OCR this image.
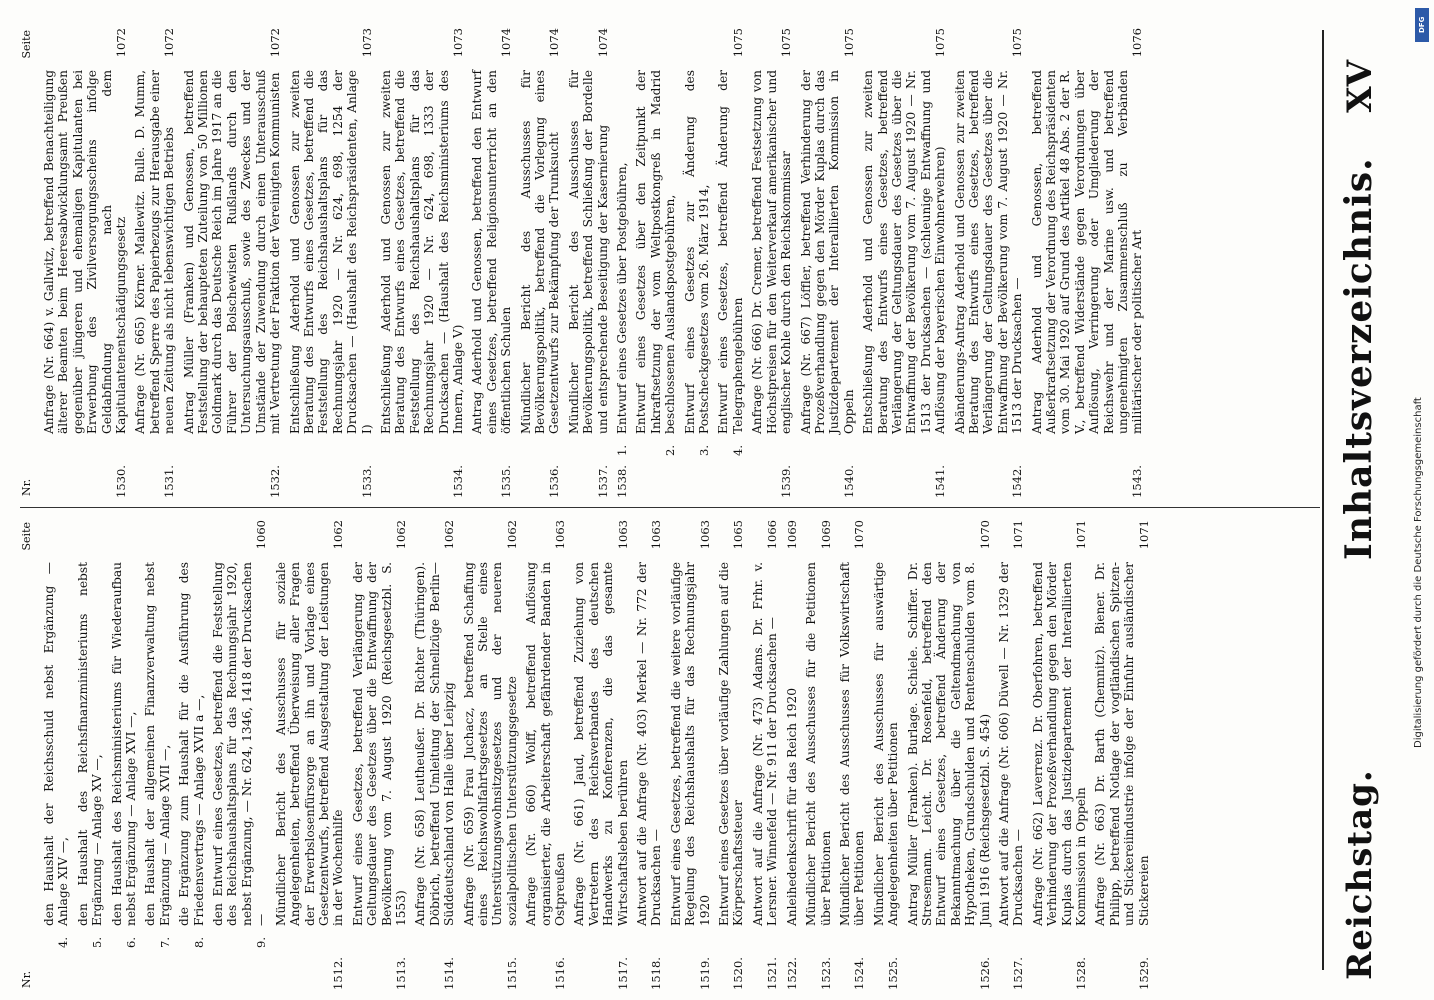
Reichstag.
Inhaltsverzeichnis.
XV
Nr.
Seite
4.
den Haushalt der Reichsschuld nebst Ergänzung — Anlage XIV —,
5.
den Haushalt des Reichsfinanzministeriums nebst Ergänzung — Anlage XV —,
6.
den Haushalt des Reichsministeriums für Wiederaufbau nebst Ergänzung — Anlage XVI —,
7.
den Haushalt der allgemeinen Finanzverwaltung nebst Ergänzung — Anlage XVII —,
8.
die Ergänzung zum Haushalt für die Ausführung des Friedensvertrags — Anlage XVII a —,
9.
den Entwurf eines Gesetzes, betreffend die Feststellung des Reichshaushaltsplans für das Rechnungsjahr 1920, nebst Ergänzung, — Nr. 624, 1346, 1418 der Drucksachen —
1060
1512.
Mündlicher Bericht des Ausschusses für soziale Angelegenheiten, betreffend Überweisung aller Fragen der Erwerbslosenfürsorge an ihn und Vorlage eines Gesetzentwurfs, betreffend Ausgestaltung der Leistungen in der Wochenhilfe
1062
1513.
Entwurf eines Gesetzes, betreffend Verlängerung der Geltungsdauer des Gesetzes über die Entwaffnung der Bevölkerung vom 7. August 1920 (Reichsgesetzbl. S. 1553)
1062
1514.
Anfrage (Nr. 658) Leutheußer. Dr. Richter (Thüringen). Döbrich, betreffend Umleitung der Schnellzüge Berlin—Süddeutschland von Halle über Leipzig
1062
1515.
Anfrage (Nr. 659) Frau Juchacz, betreffend Schaffung eines Reichswohlfahrtsgesetzes an Stelle eines Unterstützungswohnsitzgesetzes und der neueren sozialpolitischen Unterstützungsgesetze
1062
1516.
Anfrage (Nr. 660) Wolff, betreffend Auflösung organisierter, die Arbeiterschaft gefährdender Banden in Ostpreußen
1063
1517.
Anfrage (Nr. 661) Jaud, betreffend Zuziehung von Vertretern des Reichsverbandes des deutschen Handwerks zu Konferenzen, die das gesamte Wirtschaftsleben berühren
1063
1518.
Antwort auf die Anfrage (Nr. 403) Merkel — Nr. 772 der Drucksachen —
1063
1519.
Entwurf eines Gesetzes, betreffend die weitere vorläufige Regelung des Reichshaushalts für das Rechnungsjahr 1920
1063
1520.
Entwurf eines Gesetzes über vorläufige Zahlungen auf die Körperschaftssteuer
1065
1521.
Antwort auf die Anfrage (Nr. 473) Adams. Dr. Frhr. v. Lersner. Winnefeld — Nr. 911 der Drucksachen —
1066
1522.
Anleihedenkschrift für das Reich 1920
1069
1523.
Mündlicher Bericht des Ausschusses für die Petitionen über Petitionen
1069
1524.
Mündlicher Bericht des Ausschusses für Volkswirtschaft über Petitionen
1070
1525.
Mündlicher Bericht des Ausschusses für auswärtige Angelegenheiten über Petitionen
1526.
Antrag Müller (Franken). Burlage. Schiele. Schiffer. Dr. Stresemann. Leicht. Dr. Rosenfeld, betreffend den Entwurf eines Gesetzes, betreffend Änderung der Bekanntmachung über die Geltendmachung von Hypotheken, Grundschulden und Rentenschulden vom 8. Juni 1916 (Reichsgesetzbl. S. 454)
1070
1527.
Antwort auf die Anfrage (Nr. 606) Düwell — Nr. 1329 der Drucksachen —
1071
1528.
Anfrage (Nr. 662) Laverrenz. Dr. Oberfohren, betreffend Verhinderung der Prozeßverhandlung gegen den Mörder Kuplas durch das Justizdepartement der Interalliierten Kommission in Oppeln
1071
1529.
Anfrage (Nr. 663) Dr. Barth (Chemnitz). Biener. Dr. Philipp, betreffend Notlage der vogtländischen Spitzen- und Stickereiindustrie infolge der Einfuhr ausländischer Stickereien
1071
Nr.
Seite
1530.
Anfrage (Nr. 664) v. Gallwitz, betreffend Benachteiligung älterer Beamten beim Heeresabwicklungsamt Preußen gegenüber jüngeren und ehemaligen Kapitulanten bei Erwerbung des Zivilversorgungsscheins infolge Geldabfindung nach dem Kapitulantenentschädigungsgesetz
1072
1531.
Anfrage (Nr. 665) Körner. Mallewitz. Bulle. D. Mumm, betreffend Sperre des Papierbezugs zur Herausgabe einer neuen Zeitung als nicht lebenswichtigen Betriebs
1072
1532.
Antrag Müller (Franken) und Genossen, betreffend Feststellung der behaupteten Zuteilung von 50 Millionen Goldmark durch das Deutsche Reich im Jahre 1917 an die Führer der Bolschewisten Rußlands durch den Untersuchungsausschuß, sowie des Zweckes und der Umstände der Zuwendung durch einen Unterausschuß mit Vertretung der Fraktion der Vereinigten Kommunisten
1072
1533.
Entschließung Aderhold und Genossen zur zweiten Beratung des Entwurfs eines Gesetzes, betreffend die Feststellung des Reichshaushaltsplans für das Rechnungsjahr 1920 — Nr. 624, 698, 1254 der Drucksachen — (Haushalt des Reichspräsidenten, Anlage I)
1073
1534.
Entschließung Aderhold und Genossen zur zweiten Beratung des Entwurfs eines Gesetzes, betreffend die Feststellung des Reichshaushaltsplans für das Rechnungsjahr 1920 — Nr. 624, 698, 1333 der Drucksachen — (Haushalt des Reichsministeriums des Innern, Anlage V)
1073
1535.
Antrag Aderhold und Genossen, betreffend den Entwurf eines Gesetzes, betreffend Religionsunterricht an den öffentlichen Schulen
1074
1536.
Mündlicher Bericht des Ausschusses für Bevölkerungspolitik, betreffend die Vorlegung eines Gesetzentwurfs zur Bekämpfung der Trunksucht
1074
1537.
Mündlicher Bericht des Ausschusses für Bevölkerungspolitik, betreffend Schließung der Bordelle und entsprechende Beseitigung der Kasernierung
1074
1538.
1.
Entwurf eines Gesetzes über Postgebühren,
2.
Entwurf eines Gesetzes über den Zeitpunkt der Inkraftsetzung der vom Weltpostkongreß in Madrid beschlossenen Auslandspostgebühren,
3.
Entwurf eines Gesetzes zur Änderung des Postscheckgesetzes vom 26. März 1914,
4.
Entwurf eines Gesetzes, betreffend Änderung der Telegraphengebühren
1075
1539.
Anfrage (Nr. 666) Dr. Cremer, betreffend Festsetzung von Höchstpreisen für den Weiterverkauf amerikanischer und englischer Kohle durch den Reichskommissar
1075
1540.
Anfrage (Nr. 667) Löffler, betreffend Verhinderung der Prozeßverhandlung gegen den Mörder Kuplas durch das Justizdepartement der Interalliierten Kommission in Oppeln
1075
1541.
Entschließung Aderhold und Genossen zur zweiten Beratung des Entwurfs eines Gesetzes, betreffend Verlängerung der Geltungsdauer des Gesetzes über die Entwaffnung der Bevölkerung vom 7. August 1920 — Nr. 1513 der Drucksachen — (schleunige Entwaffnung und Auflösung der bayerischen Einwohnerwehren)
1075
1542.
Abänderungs-Antrag Aderhold und Genossen zur zweiten Beratung des Entwurfs eines Gesetzes, betreffend Verlängerung der Geltungsdauer des Gesetzes über die Entwaffnung der Bevölkerung vom 7. August 1920 — Nr. 1513 der Drucksachen —
1075
1543.
Antrag Aderhold und Genossen, betreffend Außerkraftsetzung der Verordnung des Reichspräsidenten vom 30. Mai 1920 auf Grund des Artikel 48 Abs. 2 der R. V., betreffend Widerstände gegen Verordnungen über Auflösung, Verringerung oder Umgliederung der Reichswehr und der Marine usw. und betreffend ungenehmigten Zusammenschluß zu Verbänden militärischer oder politischer Art
1076
DFG
Digitalisierung gefördert durch die Deutsche Forschungsgemeinschaft
